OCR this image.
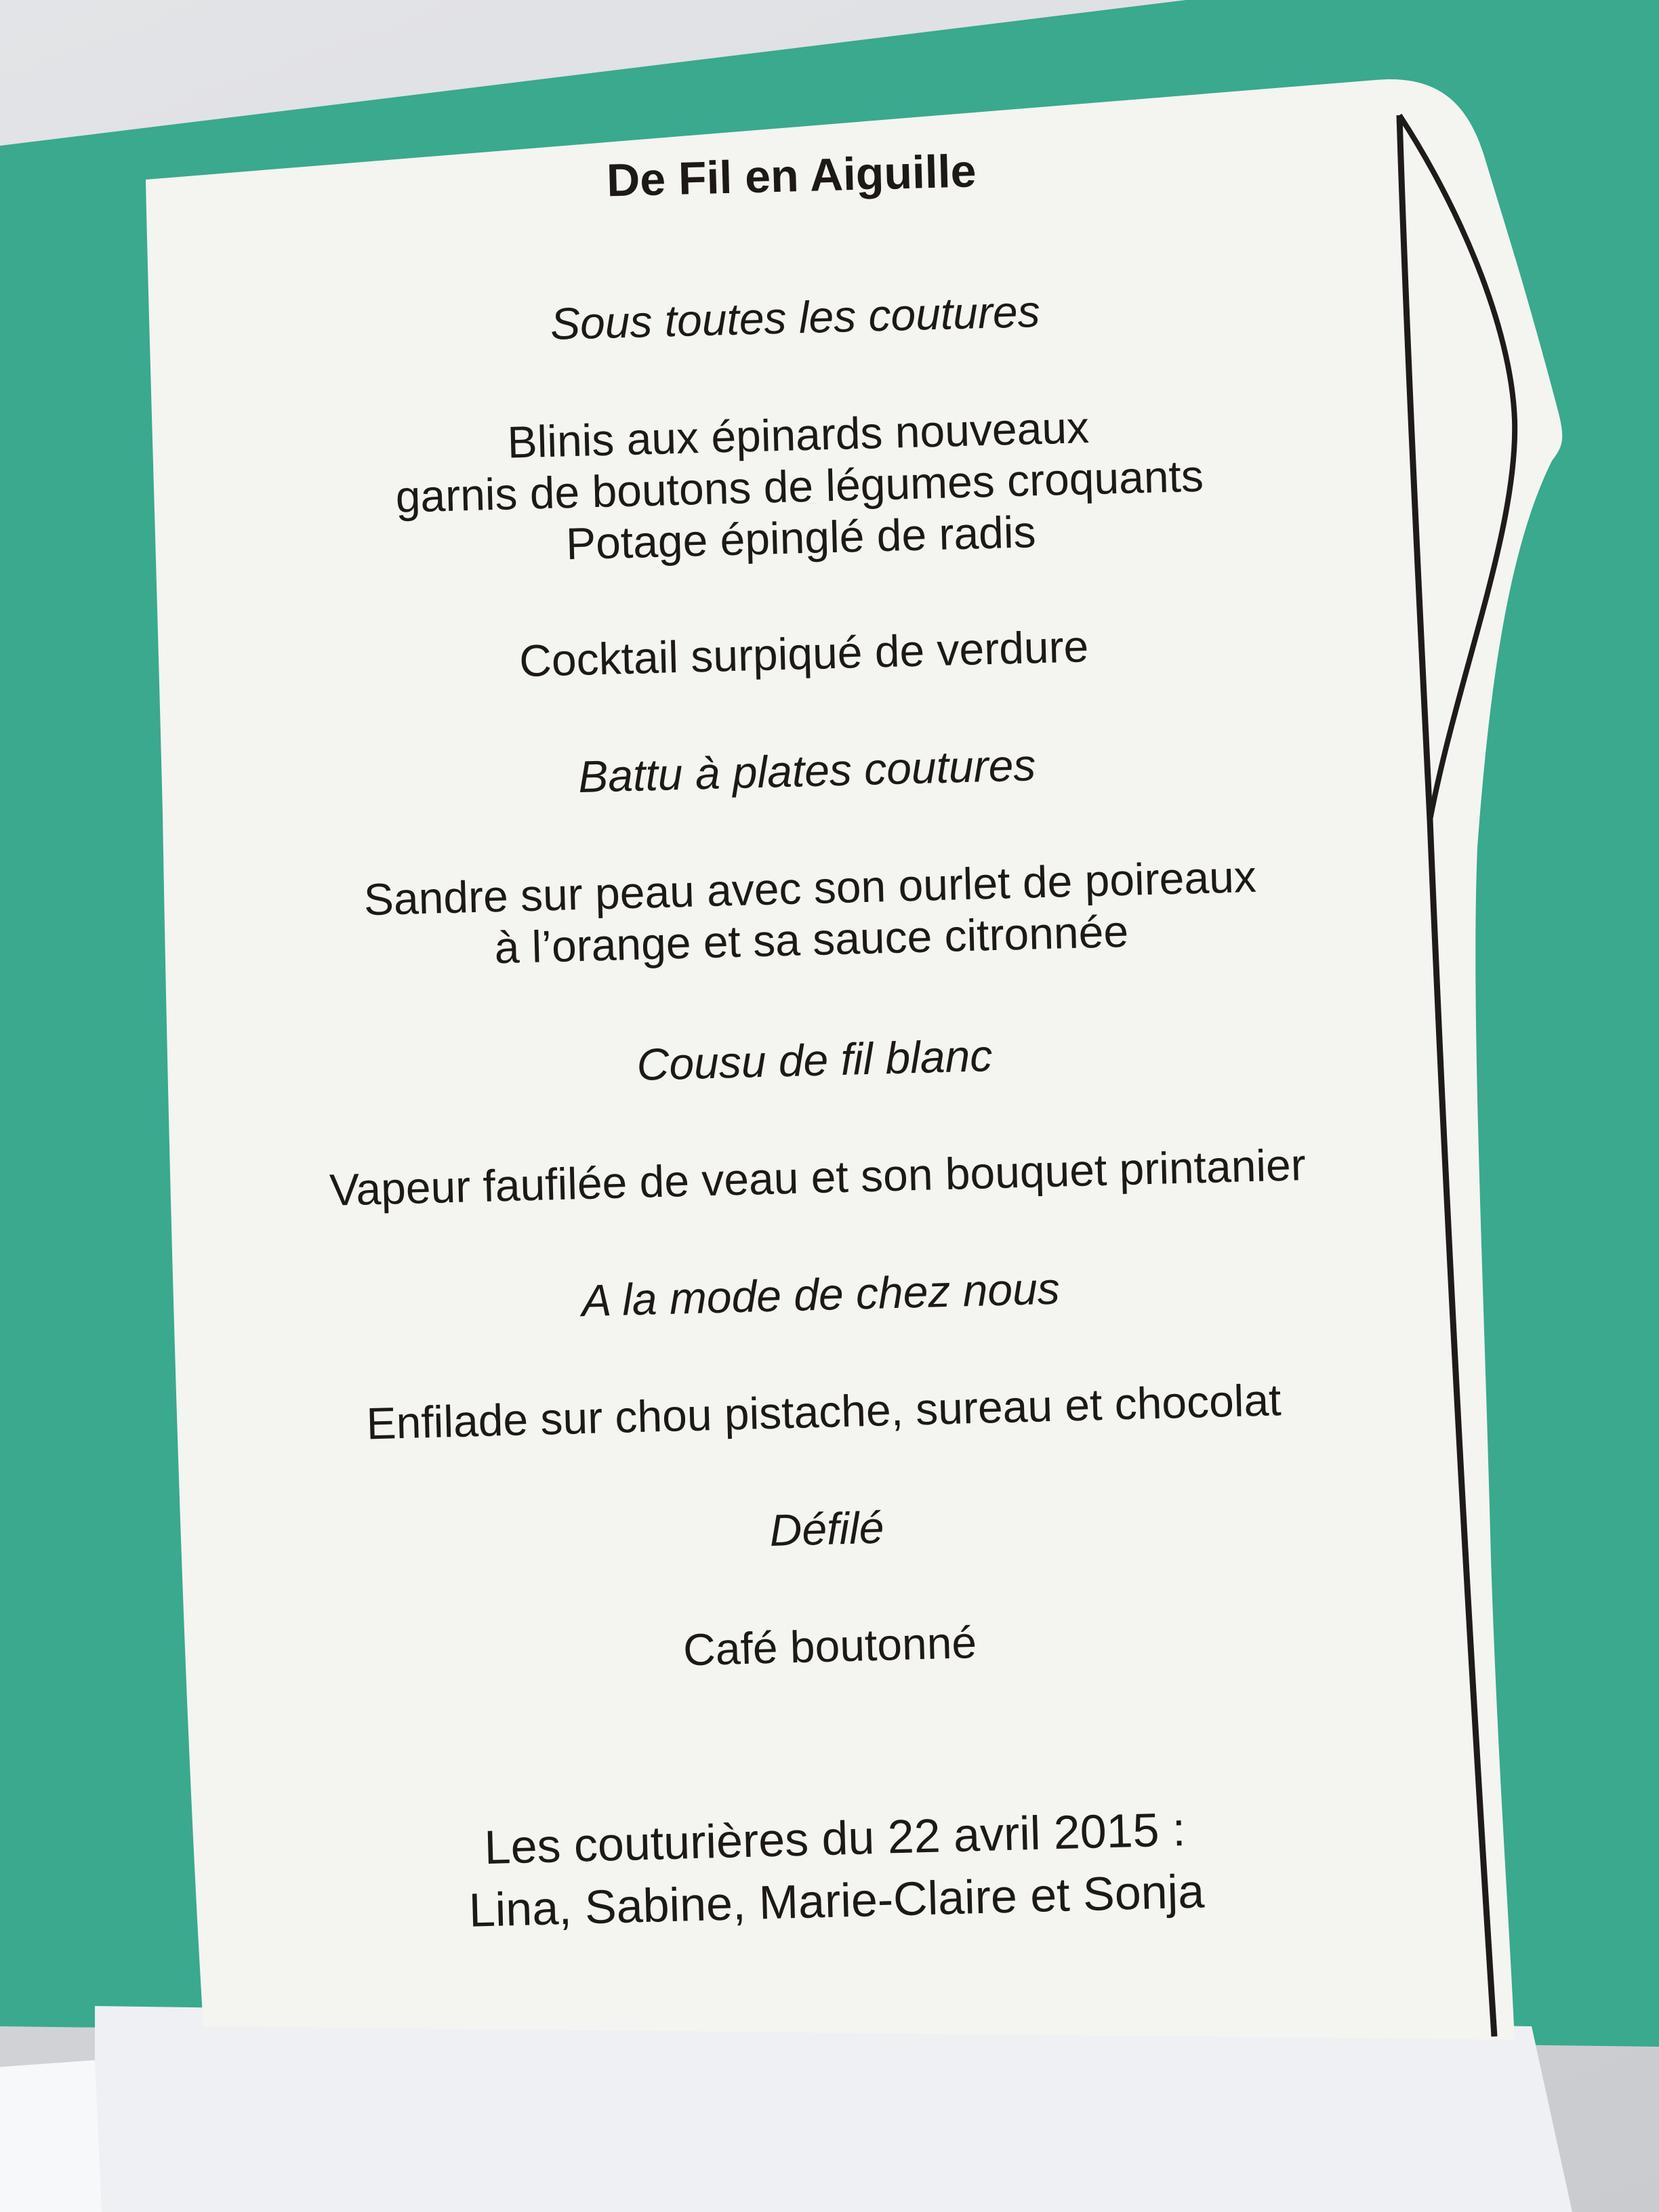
De Fil en Aiguille
Sous toutes les coutures
Blinis aux épinards nouveaux
garnis de boutons de légumes croquants
Potage épinglé de radis
Cocktail surpiqué de verdure
Battu à plates coutures
Sandre sur peau avec son ourlet de poireaux
à l’orange et sa sauce citronnée
Cousu de fil blanc
Vapeur faufilée de veau et son bouquet printanier
A la mode de chez nous
Enfilade sur chou pistache, sureau et chocolat
Défilé
Café boutonné
Les couturières du 22 avril 2015 :
Lina, Sabine, Marie-Claire et Sonja
